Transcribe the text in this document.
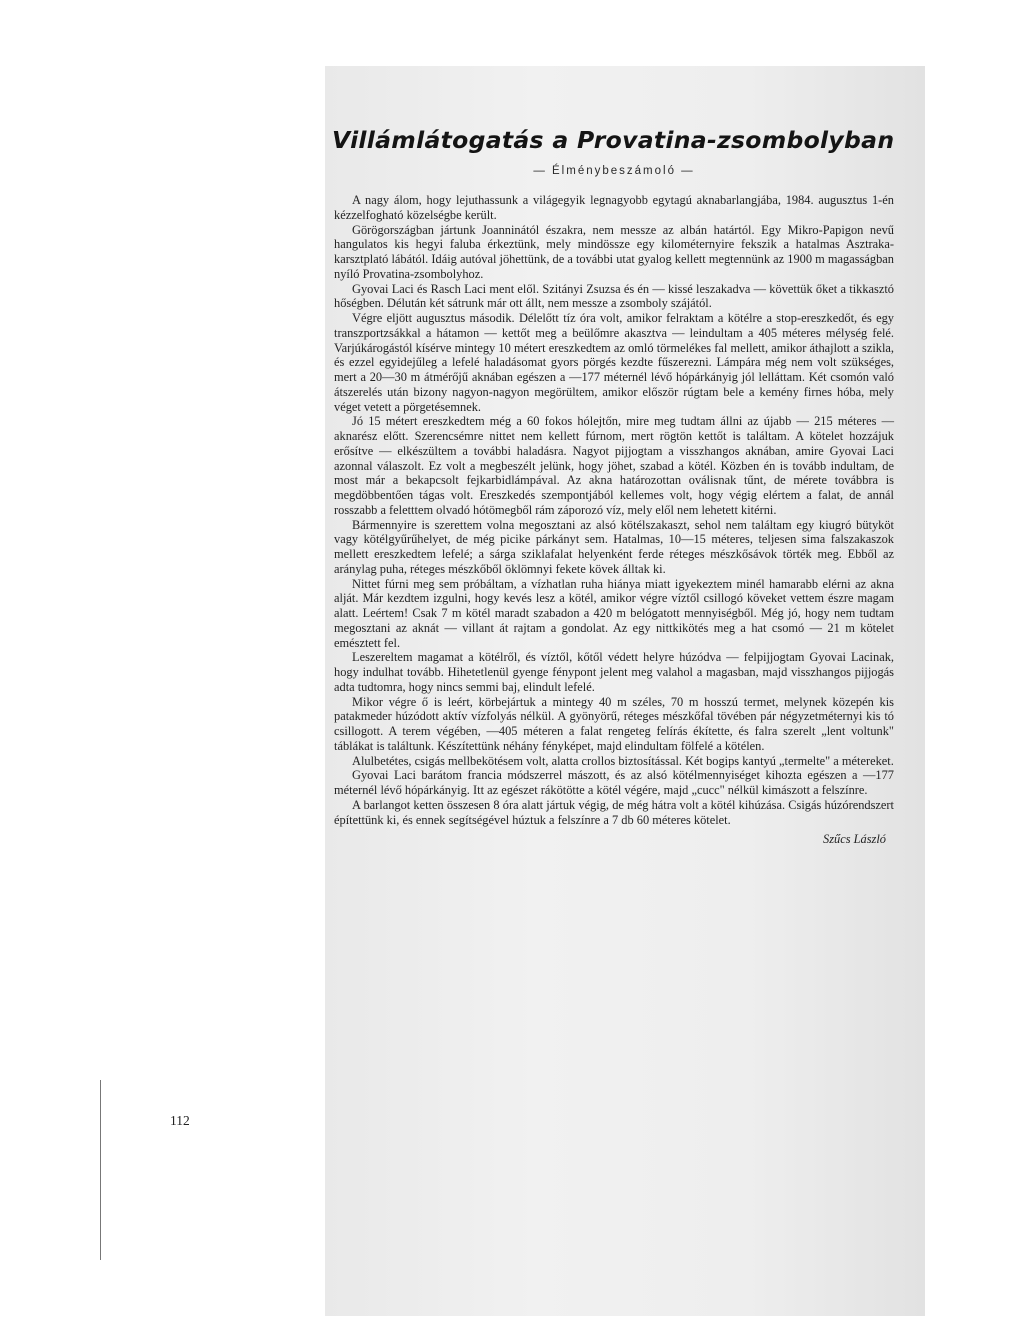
Villámlátogatás a Provatina-zsombolyban
— Élménybeszámoló —

A nagy álom, hogy lejuthassunk a világegyik legnagyobb egytagú aknabarlangjába, 1984. augusztus 1-én kézzelfogható közelségbe került.

Görögországban jártunk Joanninától északra, nem messze az albán határtól. Egy Mikro-Papigon nevű hangulatos kis hegyi faluba érkeztünk, mely mindössze egy kilométernyire fekszik a hatalmas Asztraka-karsztplató lábától. Idáig autóval jöhettünk, de a további utat gyalog kellett megtennünk az 1900 m magasságban nyíló Provatina-zsombolyhoz.

Gyovai Laci és Rasch Laci ment elől. Szitányi Zsuzsa és én — kissé leszakadva — követtük őket a tikkasztó hőségben. Délután két sátrunk már ott állt, nem messze a zsomboly szájától.

Végre eljött augusztus második. Délelőtt tíz óra volt, amikor felraktam a kötélre a stop-ereszkedőt, és egy transzportzsákkal a hátamon — kettőt meg a beülőmre akasztva — leindultam a 405 méteres mélység felé. Varjúkárogástól kísérve mintegy 10 métert ereszkedtem az omló törmelékes fal mellett, amikor áthajlott a szikla, és ezzel egyidejűleg a lefelé haladásomat gyors pörgés kezdte fűszerezni. Lámpára még nem volt szükséges, mert a 20—30 m átmérőjű aknában egészen a —177 méternél lévő hópárkányig jól lelláttam. Két csomón való átszerelés után bizony nagyon-nagyon megörültem, amikor először rúgtam bele a kemény firnes hóba, mely véget vetett a pörgetésemnek.

Jó 15 métert ereszkedtem még a 60 fokos hólejtőn, mire meg tudtam állni az újabb — 215 méteres — aknarész előtt. Szerencsémre nittet nem kellett fúrnom, mert rögtön kettőt is találtam. A kötelet hozzájuk erősítve — elkészültem a további haladásra. Nagyot pijjogtam a visszhangos aknában, amire Gyovai Laci azonnal válaszolt. Ez volt a megbeszélt jelünk, hogy jöhet, szabad a kötél. Közben én is tovább indultam, de most már a bekapcsolt fejkarbidlámpával. Az akna határozottan oválisnak tűnt, de mérete továbbra is megdöbbentően tágas volt. Ereszkedés szempontjából kellemes volt, hogy végig elértem a falat, de annál rosszabb a feletttem olvadó hótömegből rám záporozó víz, mely elől nem lehetett kitérni.

Bármennyire is szerettem volna megosztani az alsó kötélszakaszt, sehol nem találtam egy kiugró bütyköt vagy kötélgyűrűhelyet, de még picike párkányt sem. Hatalmas, 10—15 méteres, teljesen sima falszakaszok mellett ereszkedtem lefelé; a sárga sziklafalat helyenként ferde réteges mészkősávok törték meg. Ebből az aránylag puha, réteges mészkőből öklömnyi fekete kövek álltak ki.

Nittet fúrni meg sem próbáltam, a vízhatlan ruha hiánya miatt igyekeztem minél hamarabb elérni az akna alját. Már kezdtem izgulni, hogy kevés lesz a kötél, amikor végre víztől csillogó köveket vettem észre magam alatt. Leértem! Csak 7 m kötél maradt szabadon a 420 m belógatott mennyiségből. Még jó, hogy nem tudtam megosztani az aknát — villant át rajtam a gondolat. Az egy nittkikötés meg a hat csomó — 21 m kötelet emésztett fel.

Leszereltem magamat a kötélről, és víztől, kőtől védett helyre húzódva — felpijjogtam Gyovai Lacinak, hogy indulhat tovább. Hihetetlenül gyenge fénypont jelent meg valahol a magasban, majd visszhangos pijjogás adta tudtomra, hogy nincs semmi baj, elindult lefelé.

Mikor végre ő is leért, körbejártuk a mintegy 40 m széles, 70 m hosszú termet, melynek közepén kis patakmeder húzódott aktív vízfolyás nélkül. A gyönyörű, réteges mészkőfal tövében pár négyzetméternyi kis tó csillogott. A terem végében, —405 méteren a falat rengeteg felírás ékítette, és falra szerelt „lent voltunk" táblákat is találtunk. Készítettünk néhány fényképet, majd elindultam fölfelé a kötélen.

Alulbetétes, csigás mellbekötésem volt, alatta crollos biztosítással. Két bogips kantyú „termelte" a métereket.

Gyovai Laci barátom francia módszerrel mászott, és az alsó kötélmennyiséget kihozta egészen a —177 méternél lévő hópárkányig. Itt az egészet rákötötte a kötél végére, majd „cucc" nélkül kimászott a felszínre.

A barlangot ketten összesen 8 óra alatt jártuk végig, de még hátra volt a kötél kihúzása. Csigás húzórendszert építettünk ki, és ennek segítségével húztuk a felszínre a 7 db 60 méteres kötelet.

Szűcs László
112
